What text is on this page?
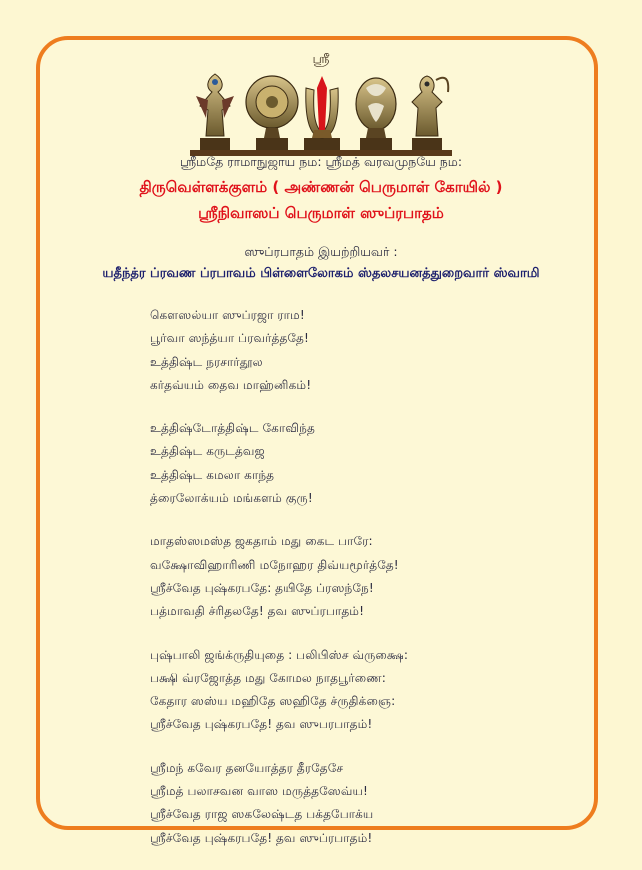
ஸ்ரீ
ஸ்ரீமதே ராமாநுஜாய நம: ஸ்ரீமத் வரவமுநயே நம:
திருவெள்ளக்குளம் ( அண்ணன் பெருமாள் கோயில் )
ஸ்ரீநிவாஸப் பெருமாள் ஸுப்ரபாதம்
ஸுப்ரபாதம் இயற்றியவர் :
யதீந்த்ர ப்ரவண ப்ரபாவம் பிள்ளைலோகம் ஸ்தலசயனத்துறைவார் ஸ்வாமி
கௌஸல்யா ஸுப்ரஜா ராம!
பூர்வா ஸந்த்யா ப்ரவர்த்ததே!
உத்திஷ்ட நரசார்தூல
கர்தவ்யம் தைவ மாஹ்னிகம்!
உத்திஷ்டோத்திஷ்ட கோவிந்த
உத்திஷ்ட கருடத்வஜ
உத்திஷ்ட கமலா காந்த
த்ரைலோக்யம் மங்களம் குரு!
மாதஸ்ஸமஸ்த ஜகதாம் மது கைட பாரே:
வக்ஷோவிஹாரிணி மநோஹர திவ்யமூர்த்தே!
ஸ்ரீச்வேத புஷ்கரபதே: தயிதே ப்ரஸந்நே!
பத்மாவதி ச்ரிதலதே! தவ ஸுப்ரபாதம்!
புஷ்பாலி ஜங்க்ருதியுதை : பலிபிஸ்ச வ்ருக்ஷை:
பக்ஷி வ்ரஜோத்த மது கோமல நாதபூர்ணை:
கேதார ஸஸ்ய மஹிதே ஸஹிதே ச்ருதிக்ஞை:
ஸ்ரீச்வேத புஷ்கரபதே! தவ ஸுபரபாதம்!
ஸ்ரீமந் கவேர தனயோத்தர தீரதேசே
ஸ்ரீமத் பலாசவன வாஸ மருத்தஸேவ்ய!
ஸ்ரீச்வேத ராஜ ஸகலேஷ்டத பக்தபோக்ய
ஸ்ரீச்வேத புஷ்கரபதே! தவ ஸுப்ரபாதம்!
